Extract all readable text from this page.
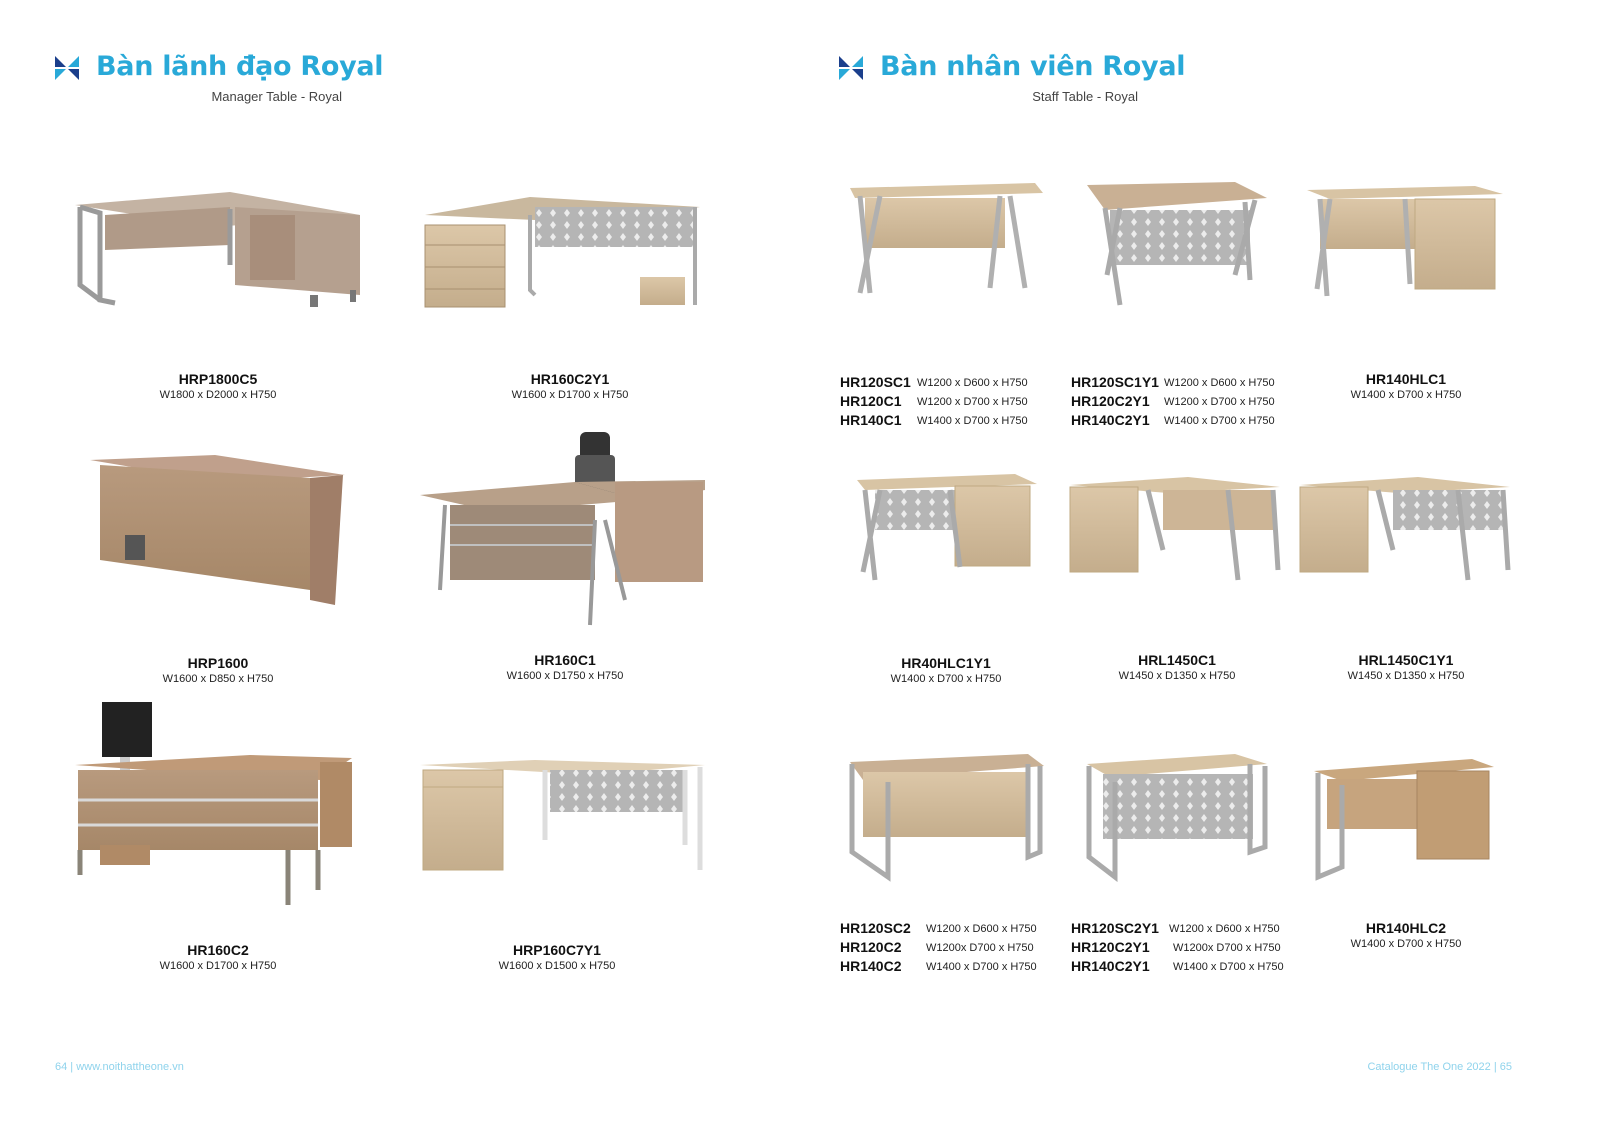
Bàn lãnh đạo Royal
Manager Table - Royal
Bàn nhân viên Royal
Staff Table - Royal
HRP1800C5
W1800 x D2000 x H750
HR160C2Y1
W1600 x D1700 x H750
HRP1600
W1600 x D850 x H750
HR160C1
W1600 x D1750 x H750
HR160C2
W1600 x D1700 x H750
HRP160C7Y1
W1600 x D1500 x H750
HR120SC1 W1200 x D600 x H750
HR120C1 W1200 x D700 x H750
HR140C1 W1400 x D700 x H750
HR120SC1Y1 W1200 x D600 x H750
HR120C2Y1 W1200 x D700 x H750
HR140C2Y1 W1400 x D700 x H750
HR140HLC1
W1400 x D700 x H750
HR40HLC1Y1
W1400 x D700 x H750
HRL1450C1
W1450 x D1350 x H750
HRL1450C1Y1
W1450 x D1350 x H750
HR120SC2 W1200 x D600 x H750
HR120C2 W1200x D700 x H750
HR140C2 W1400 x D700 x H750
HR120SC2Y1 W1200 x D600 x H750
HR120C2Y1 W1200x D700 x H750
HR140C2Y1 W1400 x D700 x H750
HR140HLC2
W1400 x D700 x H750
64 | www.noithattheone.vn	Catalogue The One 2022 | 65
